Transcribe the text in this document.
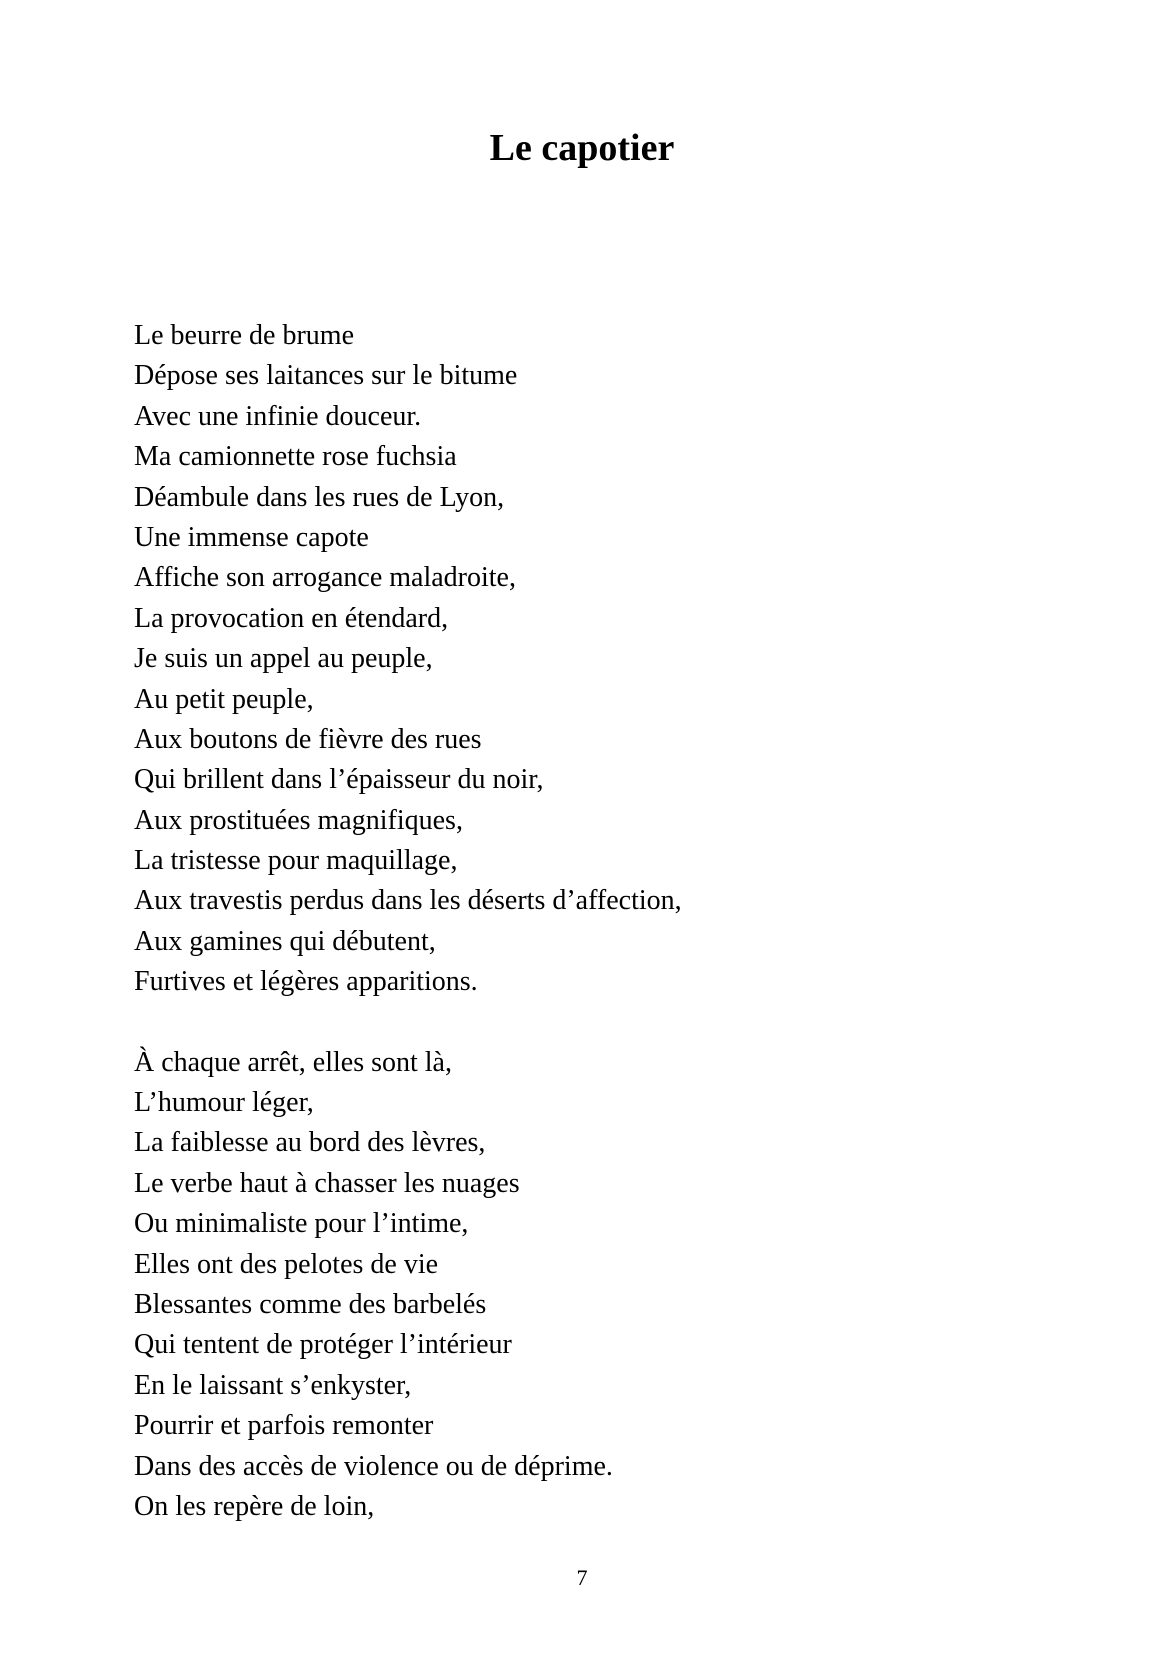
Le capotier
Le beurre de brume
Dépose ses laitances sur le bitume
Avec une infinie douceur.
Ma camionnette rose fuchsia
Déambule dans les rues de Lyon,
Une immense capote
Affiche son arrogance maladroite,
La provocation en étendard,
Je suis un appel au peuple,
Au petit peuple,
Aux boutons de fièvre des rues
Qui brillent dans l’épaisseur du noir,
Aux prostituées magnifiques,
La tristesse pour maquillage,
Aux travestis perdus dans les déserts d’affection,
Aux gamines qui débutent,
Furtives et légères apparitions.
À chaque arrêt, elles sont là,
L’humour léger,
La faiblesse au bord des lèvres,
Le verbe haut à chasser les nuages
Ou minimaliste pour l’intime,
Elles ont des pelotes de vie
Blessantes comme des barbelés
Qui tentent de protéger l’intérieur
En le laissant s’enkyster,
Pourrir et parfois remonter
Dans des accès de violence ou de déprime.
On les repère de loin,
7
